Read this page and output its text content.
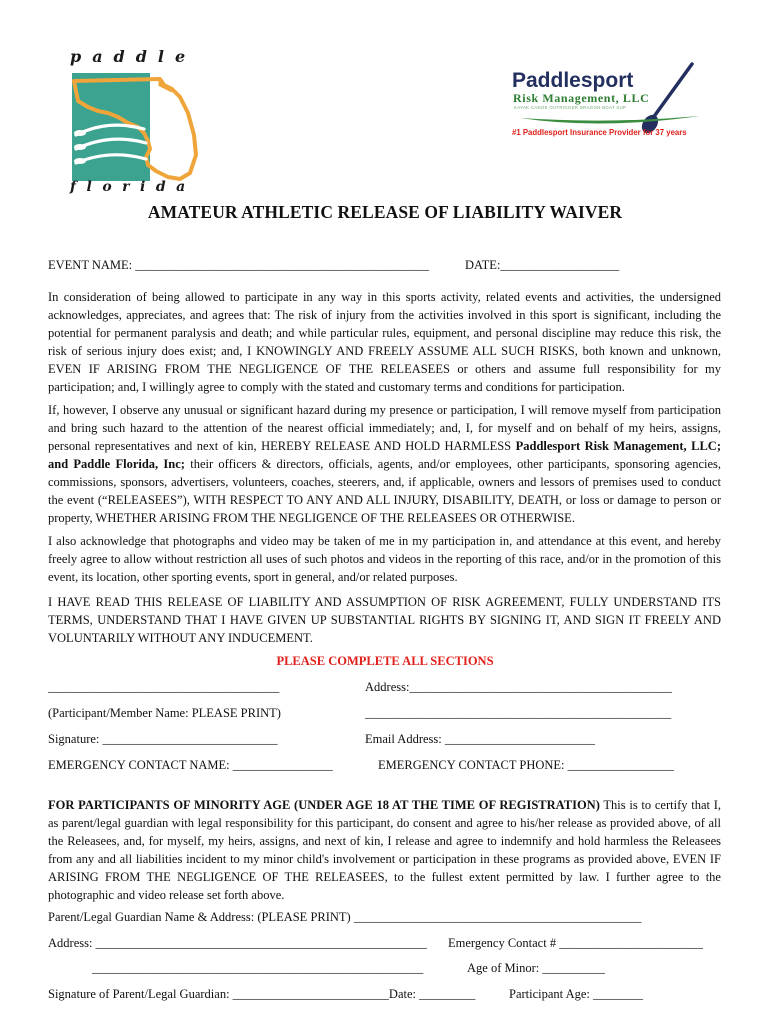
paddle
florida
Paddlesport
Risk Management, LLC
KAYAK CANOE OUTRIGGER DRAGON BOAT SUP
#1 Paddlesport Insurance Provider for 37 years
AMATEUR ATHLETIC RELEASE OF LIABILITY WAIVER
EVENT NAME: _______________________________________________	DATE:___________________

In consideration of being allowed to participate in any way in this sports activity, related events and activities, the undersigned acknowledges, appreciates, and agrees that: The risk of injury from the activities involved in this sport is significant, including the potential for permanent paralysis and death; and while particular rules, equipment, and personal discipline may reduce this risk, the risk of serious injury does exist; and, I KNOWINGLY AND FREELY ASSUME ALL SUCH RISKS, both known and unknown, EVEN IF ARISING FROM THE NEGLIGENCE OF THE RELEASEES or others and assume full responsibility for my participation; and, I willingly agree to comply with the stated and customary terms and conditions for participation.

If, however, I observe any unusual or significant hazard during my presence or participation, I will remove myself from participation and bring such hazard to the attention of the nearest official immediately; and, I, for myself and on behalf of my heirs, assigns, personal representatives and next of kin, HEREBY RELEASE AND HOLD HARMLESS Paddlesport Risk Management, LLC; and Paddle Florida, Inc; their officers & directors, officials, agents, and/or employees, other participants, sponsoring agencies, commissions, sponsors, advertisers, volunteers, coaches, steerers, and, if applicable, owners and lessors of premises used to conduct the event (“RELEASEES”), WITH RESPECT TO ANY AND ALL INJURY, DISABILITY, DEATH, or loss or damage to person or property, WHETHER ARISING FROM THE NEGLIGENCE OF THE RELEASEES OR OTHERWISE.

I also acknowledge that photographs and video may be taken of me in my participation in, and attendance at this event, and hereby freely agree to allow without restriction all uses of such photos and videos in the reporting of this race, and/or in the promotion of this event, its location, other sporting events, sport in general, and/or related purposes.

I HAVE READ THIS RELEASE OF LIABILITY AND ASSUMPTION OF RISK AGREEMENT, FULLY UNDERSTAND ITS TERMS, UNDERSTAND THAT I HAVE GIVEN UP SUBSTANTIAL RIGHTS BY SIGNING IT, AND SIGN IT FREELY AND VOLUNTARILY WITHOUT ANY INDUCEMENT.

PLEASE COMPLETE ALL SECTIONS
_____________________________________	Address:__________________________________________
(Participant/Member Name: PLEASE PRINT)	_________________________________________________
Signature: ____________________________	Email Address: ________________________
EMERGENCY CONTACT NAME: ________________	EMERGENCY CONTACT PHONE: _________________

FOR PARTICIPANTS OF MINORITY AGE (UNDER AGE 18 AT THE TIME OF REGISTRATION) This is to certify that I, as parent/legal guardian with legal responsibility for this participant, do consent and agree to his/her release as provided above, of all the Releasees, and, for myself, my heirs, assigns, and next of kin, I release and agree to indemnify and hold harmless the Releasees from any and all liabilities incident to my minor child's involvement or participation in these programs as provided above, EVEN IF ARISING FROM THE NEGLIGENCE OF THE RELEASEES, to the fullest extent permitted by law. I further agree to the photographic and video release set forth above.

Parent/Legal Guardian Name & Address: (PLEASE PRINT) ______________________________________________
Address: _____________________________________________________ Emergency Contact # _______________________
_____________________________________________________	Age of Minor: __________
Signature of Parent/Legal Guardian: _________________________Date: _________	Participant Age: ________
